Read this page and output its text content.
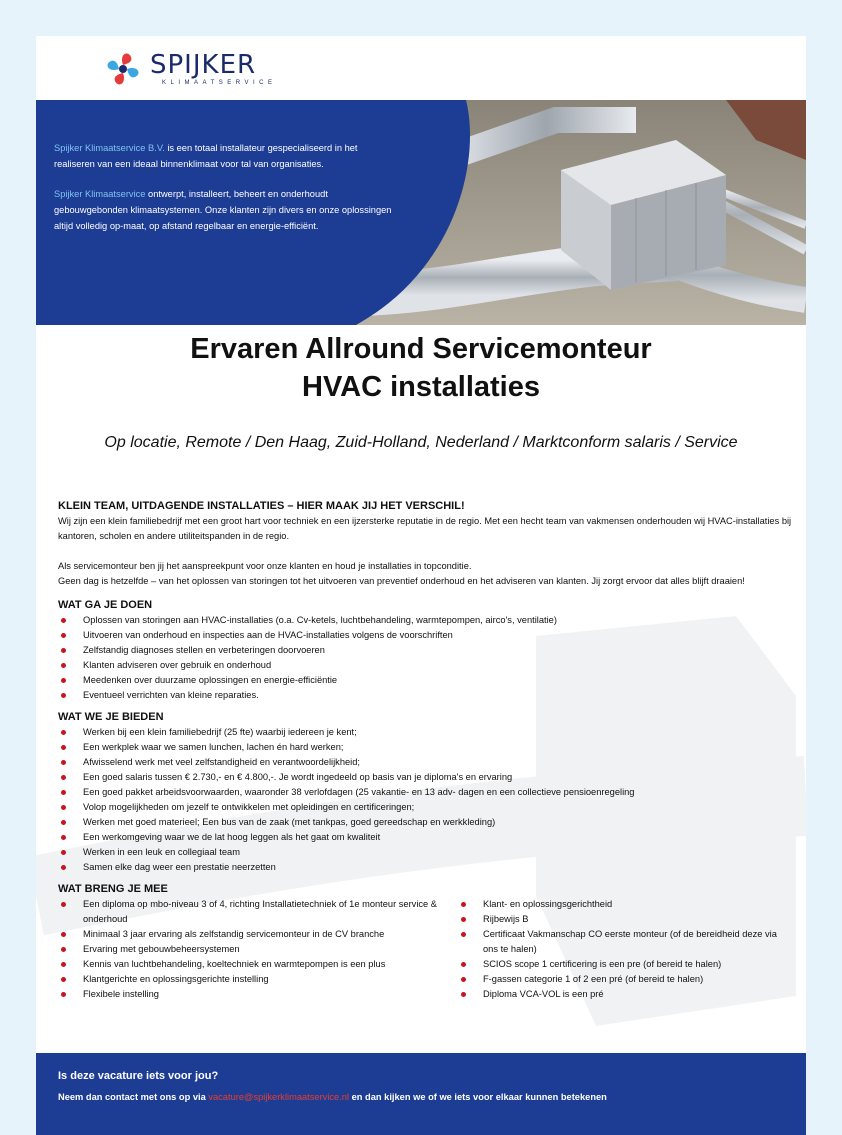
SPIJKER
KLIMAATSERVICE

Spijker Klimaatservice B.V. is een totaal installateur gespecialiseerd in het realiseren van een ideaal binnenklimaat voor tal van organisaties.

Spijker Klimaatservice ontwerpt, installeert, beheert en onderhoudt gebouwgebonden klimaatsystemen. Onze klanten zijn divers en onze oplossingen altijd volledig op-maat, op afstand regelbaar en energie-efficiënt.

Ervaren Allround Servicemonteur
HVAC installaties
Op locatie, Remote / Den Haag, Zuid-Holland, Nederland / Marktconform salaris / Service
KLEIN TEAM, UITDAGENDE INSTALLATIES – HIER MAAK JIJ HET VERSCHIL!

Wij zijn een klein familiebedrijf met een groot hart voor techniek en een ijzersterke reputatie in de regio. Met een hecht team van vakmensen onderhouden wij HVAC-installaties bij kantoren, scholen en andere utiliteitspanden in de regio.

Als servicemonteur ben jij het aanspreekpunt voor onze klanten en houd je installaties in topconditie.

Geen dag is hetzelfde – van het oplossen van storingen tot het uitvoeren van preventief onderhoud en het adviseren van klanten. Jij zorgt ervoor dat alles blijft draaien!

WAT GA JE DOEN
Oplossen van storingen aan HVAC-installaties (o.a. Cv-ketels, luchtbehandeling, warmtepompen, airco's, ventilatie)
Uitvoeren van onderhoud en inspecties aan de HVAC-installaties volgens de voorschriften
Zelfstandig diagnoses stellen en verbeteringen doorvoeren
Klanten adviseren over gebruik en onderhoud
Meedenken over duurzame oplossingen en energie-efficiëntie
Eventueel verrichten van kleine reparaties.
WAT WE JE BIEDEN
Werken bij een klein familiebedrijf (25 fte) waarbij iedereen je kent;
Een werkplek waar we samen lunchen, lachen én hard werken;
Afwisselend werk met veel zelfstandigheid en verantwoordelijkheid;
Een goed salaris tussen € 2.730,- en € 4.800,-. Je wordt ingedeeld op basis van je diploma's en ervaring
Een goed pakket arbeidsvoorwaarden, waaronder 38 verlofdagen (25 vakantie- en 13 adv- dagen en een collectieve pensioenregeling
Volop mogelijkheden om jezelf te ontwikkelen met opleidingen en certificeringen;
Werken met goed materieel; Een bus van de zaak (met tankpas, goed gereedschap en werkkleding)
Een werkomgeving waar we de lat hoog leggen als het gaat om kwaliteit
Werken in een leuk en collegiaal team
Samen elke dag weer een prestatie neerzetten
WAT BRENG JE MEE
Een diploma op mbo-niveau 3 of 4, richting Installatietechniek of 1e monteur service & onderhoud
Minimaal 3 jaar ervaring als zelfstandig servicemonteur in de CV branche
Ervaring met gebouwbeheersystemen
Kennis van luchtbehandeling, koeltechniek en warmtepompen is een plus
Klantgerichte en oplossingsgerichte instelling
Flexibele instelling
Klant- en oplossingsgerichtheid
Rijbewijs B
Certificaat Vakmanschap CO eerste monteur (of de bereidheid deze via ons te halen)
SCIOS scope 1 certificering is een pre (of bereid te halen)
F-gassen categorie 1 of 2 een pré (of bereid te halen)
Diploma VCA-VOL is een pré
Is deze vacature iets voor jou?
Neem dan contact met ons op via vacature@spijkerklimaatservice.nl en dan kijken we of we iets voor elkaar kunnen betekenen
